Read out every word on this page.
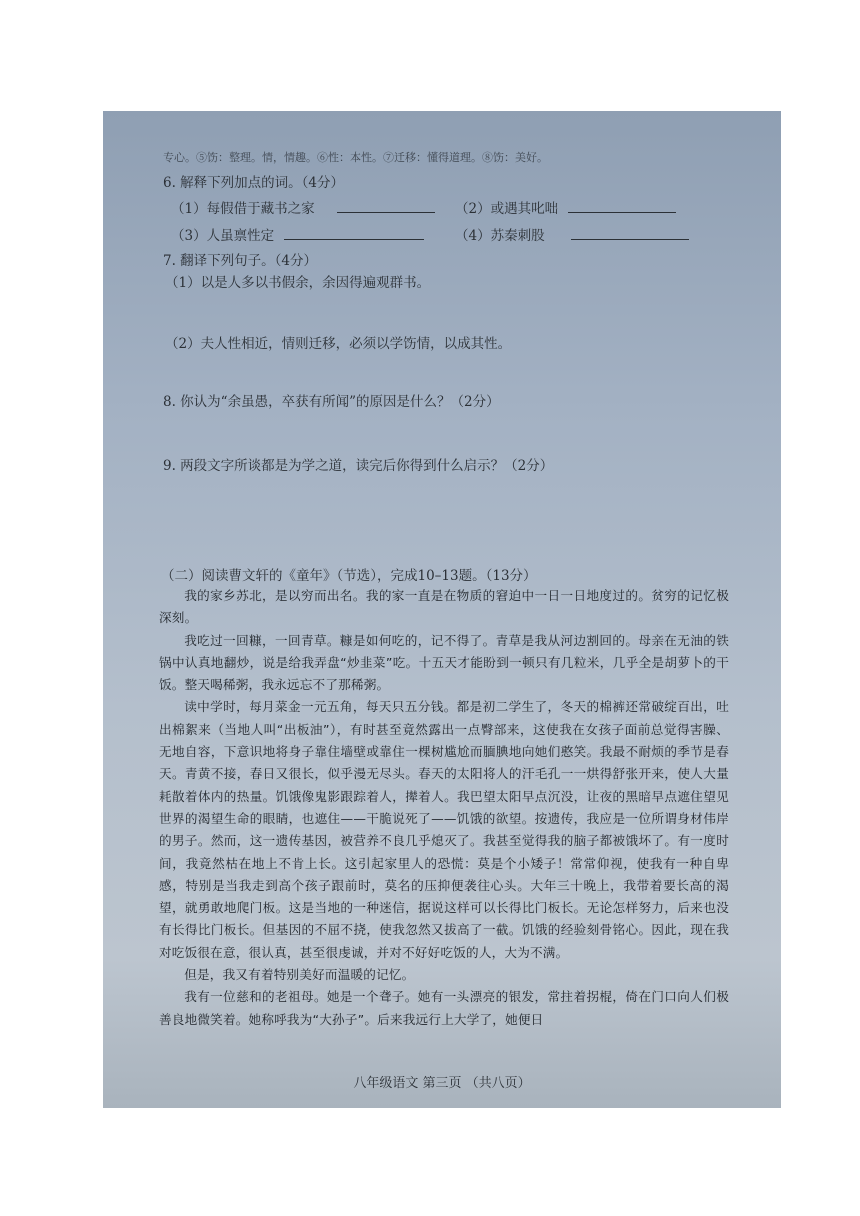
专心。⑤饬：整理。情，情趣。⑥性：本性。⑦迁移：懂得道理。⑧饬：美好。
6. 解释下列加点的词。（4分）
（1）每假借于藏书之家	（2）或遇其叱咄
（3）人虽禀性定	（4）苏秦刺股
7. 翻译下列句子。（4分）
（1）以是人多以书假余，余因得遍观群书。
（2）夫人性相近，情则迁移，必须以学饬情，以成其性。
8. 你认为“余虽愚，卒获有所闻”的原因是什么？（2分）
9. 两段文字所谈都是为学之道，读完后你得到什么启示？（2分）
（二）阅读曹文轩的《童年》（节选），完成10–13题。（13分）

我的家乡苏北，是以穷而出名。我的家一直是在物质的窘迫中一日一日地度过的。贫穷的记忆极深刻。

我吃过一回糠，一回青草。糠是如何吃的，记不得了。青草是我从河边割回的。母亲在无油的铁锅中认真地翻炒，说是给我弄盘“炒韭菜”吃。十五天才能盼到一顿只有几粒米，几乎全是胡萝卜的干饭。整天喝稀粥，我永远忘不了那稀粥。

读中学时，每月菜金一元五角，每天只五分钱。都是初二学生了，冬天的棉裤还常破绽百出，吐出棉絮来（当地人叫“出板油”），有时甚至竟然露出一点臀部来，这使我在女孩子面前总觉得害臊、无地自容，下意识地将身子靠住墙壁或靠住一棵树尴尬而腼腆地向她们憨笑。我最不耐烦的季节是春天。青黄不接，春日又很长，似乎漫无尽头。春天的太阳将人的汗毛孔一一烘得舒张开来，使人大量耗散着体内的热量。饥饿像鬼影跟踪着人，撵着人。我巴望太阳早点沉没，让夜的黑暗早点遮住望见世界的渴望生命的眼睛，也遮住——干脆说死了——饥饿的欲望。按遗传，我应是一位所谓身材伟岸的男子。然而，这一遗传基因，被营养不良几乎熄灭了。我甚至觉得我的脑子都被饿坏了。有一度时间，我竟然枯在地上不肯上长。这引起家里人的恐慌：莫是个小矮子！常常仰视，使我有一种自卑感，特别是当我走到高个孩子跟前时，莫名的压抑便袭往心头。大年三十晚上，我带着要长高的渴望，就勇敢地爬门板。这是当地的一种迷信，据说这样可以长得比门板长。无论怎样努力，后来也没有长得比门板长。但基因的不屈不挠，使我忽然又拔高了一截。饥饿的经验刻骨铭心。因此，现在我对吃饭很在意，很认真，甚至很虔诚，并对不好好吃饭的人，大为不满。

但是，我又有着特别美好而温暖的记忆。

我有一位慈和的老祖母。她是一个聋子。她有一头漂亮的银发，常拄着拐棍，倚在门口向人们极善良地微笑着。她称呼我为“大孙子”。后来我远行上大学了，她便日

八年级语文 第三页 （共八页）
